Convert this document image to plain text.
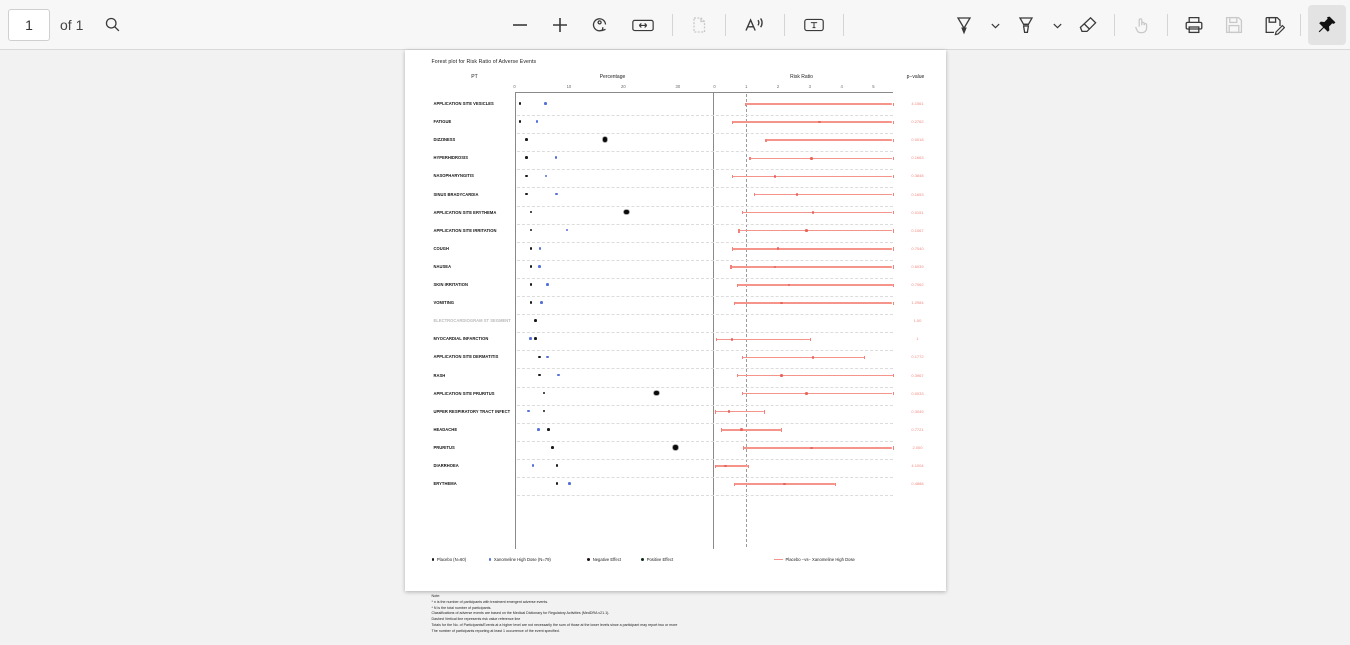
1
of 1
Forest plot for Risk Ratio of Adverse Events
PT	Percentage	Risk Ratio	p−value
0	10	20	30	0	1	2	3	4	5
APPLICATION SITE VESICLES	4.1561
FATIGUE	0.2762
DIZZINESS	0.0018
HYPERHIDROSIS	0.1663
NASOPHARYNGITIS	0.3848
SINUS BRADYCARDIA	0.1653
APPLICATION SITE ERYTHEMA	0.0151
APPLICATION SITE IRRITATION	0.1067
COUGH	0.7040
NAUSEA	0.6039
SKIN IRRITATION	0.7062
VOMITING	1.2984
ELECTROCARDIOGRAM ST SEGMENT	1.00
MYOCARDIAL INFARCTION	1
APPLICATION SITE DERMATITIS	0.1772
RASH	0.3967
APPLICATION SITE PRURITUS	0.0033
UPPER RESPIRATORY TRACT INFECT	0.3049
HEADACHE	0.7721
PRURITUS	2.000
DIARRHOEA	4.1004
ERYTHEMA	0.4888
Placebo (N=60)	Xanomeline High Dose (N=79)	Negative Effect	Positive Effect	Placebo −vs− Xanomeline High Dose
Note:
* n is the number of participants with treatment emergent adverse events.
* N is the total number of participants.
Classifications of adverse events are based on the Medical Dictionary for Regulatory Activities (MedDRA v21.1).
Dashed Vertical line represents risk value reference line
Totals for the No. of Participants/Events at a higher level are not necessarily the sum of those at the lower levels since a participant may report two or more
The number of participants reporting at least 1 occurrence of the event specified.
